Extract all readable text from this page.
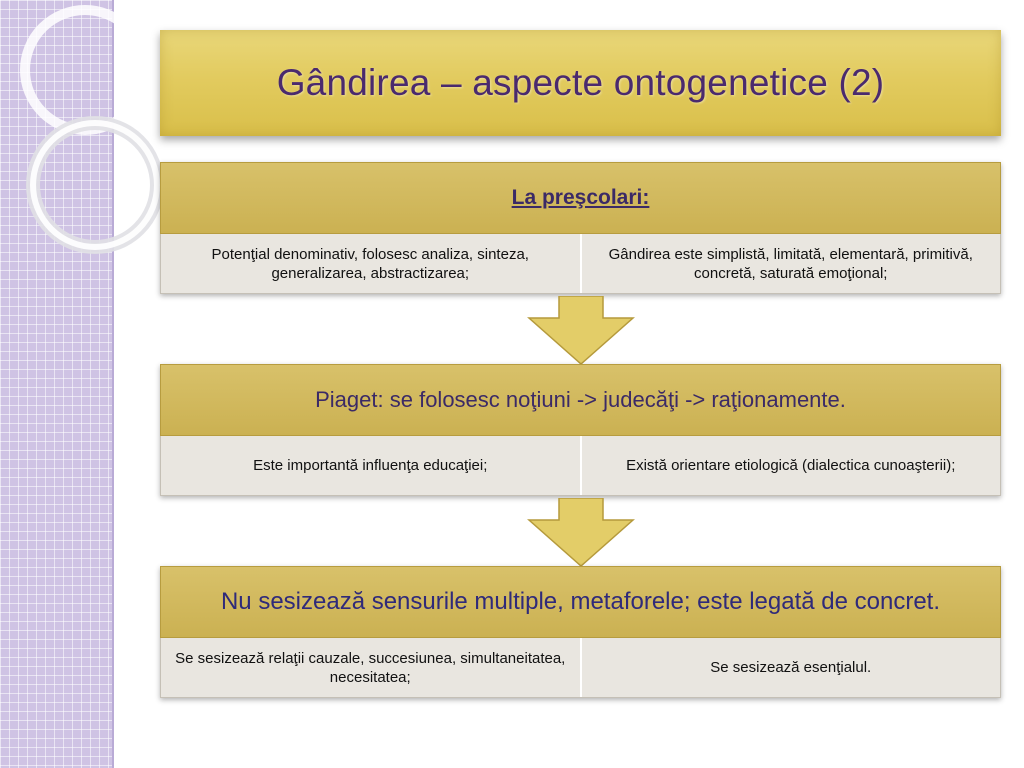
Gândirea – aspecte ontogenetice (2)
La preşcolari:
Potenţial denominativ, folosesc analiza, sinteza, generalizarea, abstractizarea;
Gândirea este simplistă, limitată, elementară, primitivă, concretă, saturată emoţional;
Piaget: se folosesc noţiuni -> judecăţi -> raţionamente.
Este importantă influenţa educaţiei;	Există orientare etiologică (dialectica cunoaşterii);
Nu sesizează sensurile multiple, metaforele; este legată de concret.
Se sesizează relaţii cauzale, succesiunea, simultaneitatea, necesitatea;
Se sesizează esenţialul.
